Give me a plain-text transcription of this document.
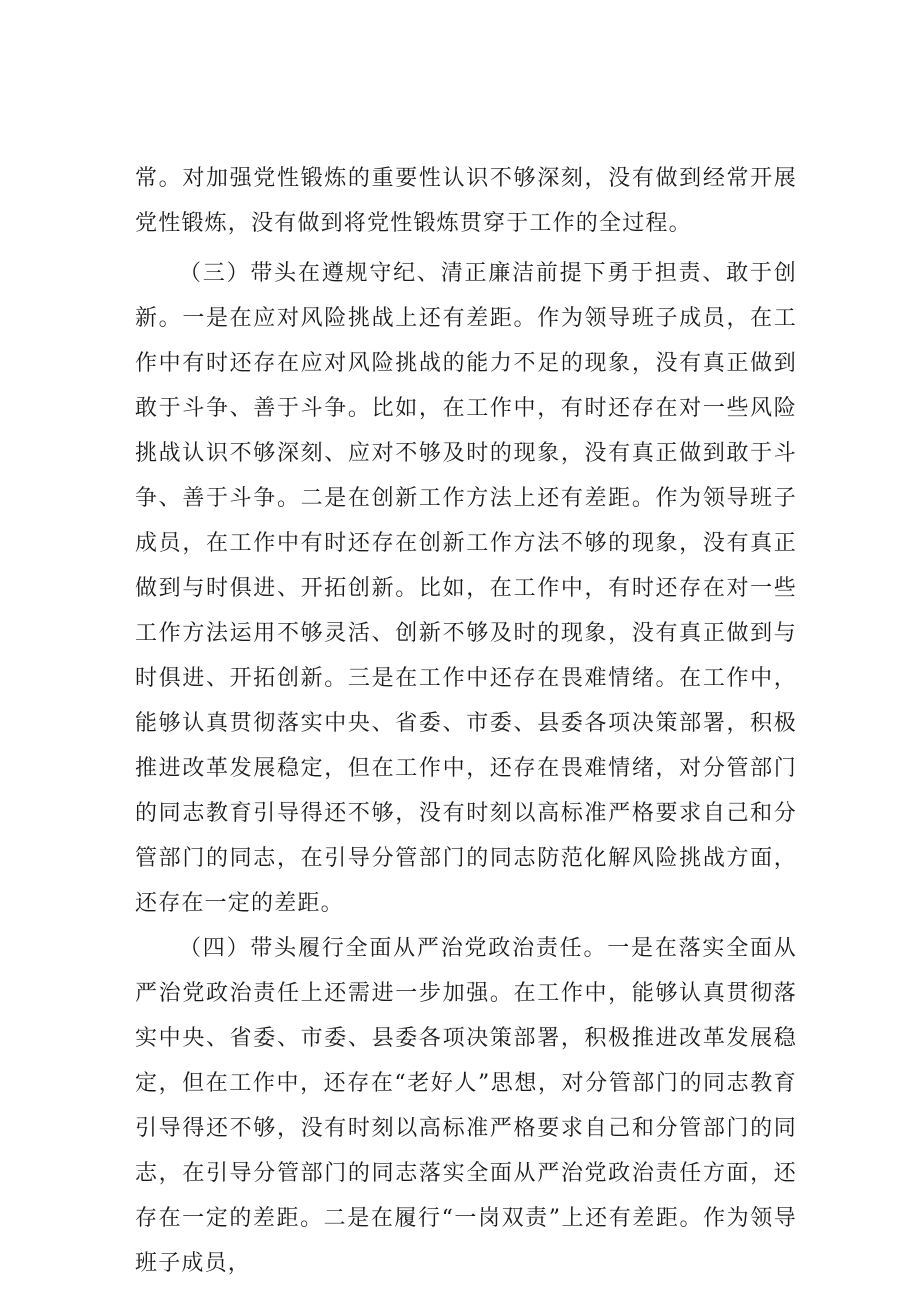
常。对加强党性锻炼的重要性认识不够深刻，没有做到经常开展党性锻炼，没有做到将党性锻炼贯穿于工作的全过程。

（三）带头在遵规守纪、清正廉洁前提下勇于担责、敢于创新。一是在应对风险挑战上还有差距。作为领导班子成员，在工作中有时还存在应对风险挑战的能力不足的现象，没有真正做到敢于斗争、善于斗争。比如，在工作中，有时还存在对一些风险挑战认识不够深刻、应对不够及时的现象，没有真正做到敢于斗争、善于斗争。二是在创新工作方法上还有差距。作为领导班子成员，在工作中有时还存在创新工作方法不够的现象，没有真正做到与时俱进、开拓创新。比如，在工作中，有时还存在对一些工作方法运用不够灵活、创新不够及时的现象，没有真正做到与时俱进、开拓创新。三是在工作中还存在畏难情绪。在工作中，能够认真贯彻落实中央、省委、市委、县委各项决策部署，积极推进改革发展稳定，但在工作中，还存在畏难情绪，对分管部门的同志教育引导得还不够，没有时刻以高标准严格要求自己和分管部门的同志，在引导分管部门的同志防范化解风险挑战方面，还存在一定的差距。

（四）带头履行全面从严治党政治责任。一是在落实全面从严治党政治责任上还需进一步加强。在工作中，能够认真贯彻落实中央、省委、市委、县委各项决策部署，积极推进改革发展稳定，但在工作中，还存在“老好人”思想，对分管部门的同志教育引导得还不够，没有时刻以高标准严格要求自己和分管部门的同志，在引导分管部门的同志落实全面从严治党政治责任方面，还存在一定的差距。二是在履行“一岗双责”上还有差距。作为领导班子成员，
